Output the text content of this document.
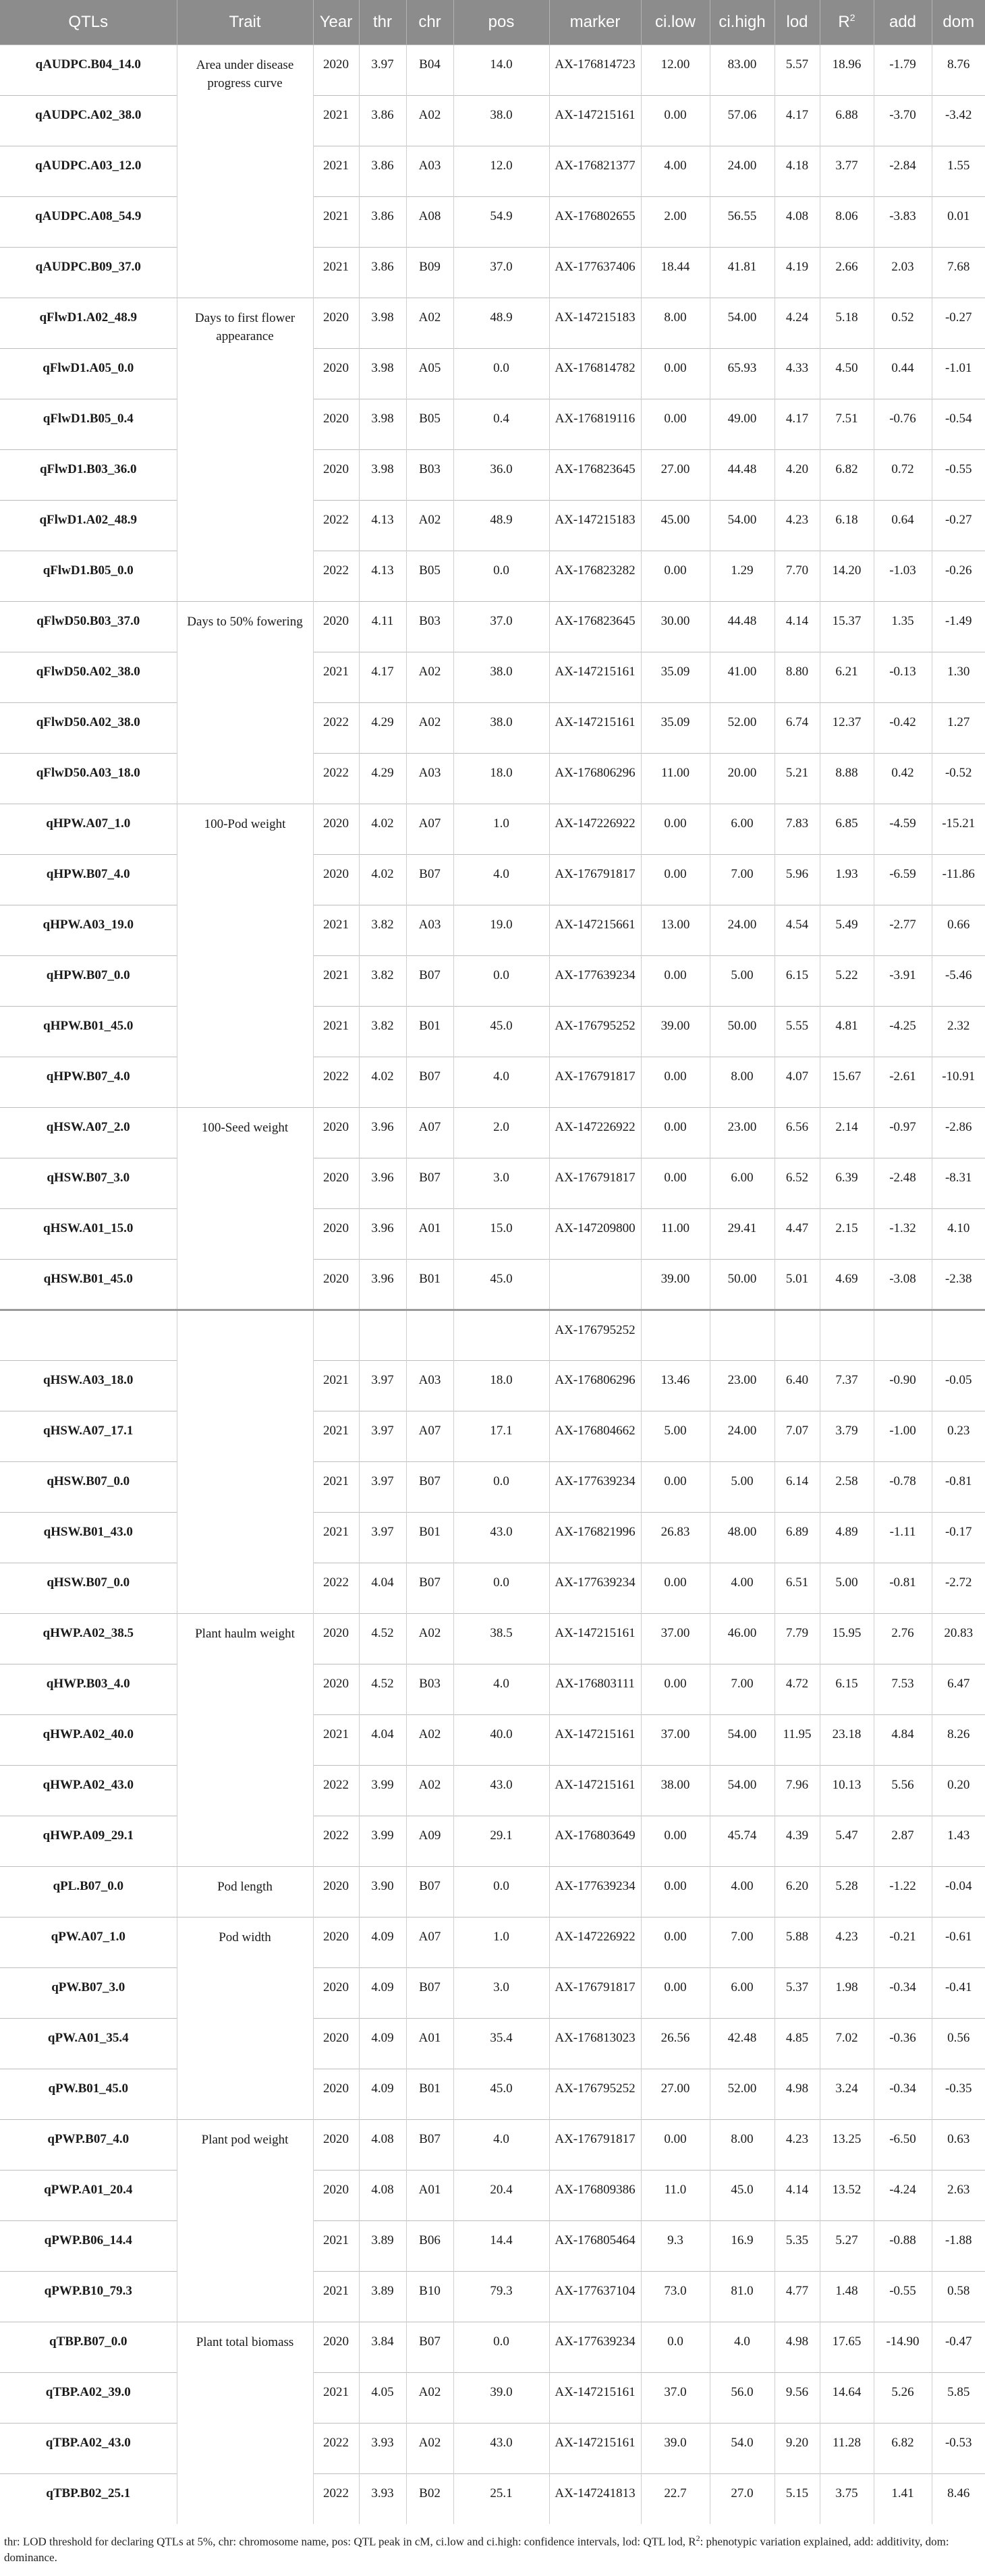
QTLs	Trait	Year	thr	chr	pos	marker	ci.low	ci.high	lod	$R^2$	add	dom
qAUDPC.B04_14.0	Area under disease progress curve	2020	3.97	B04	14.0	AX-176814723	12.00	83.00	5.57	18.96	-1.79	8.76
qAUDPC.A02_38.0		2021	3.86	A02	38.0	AX-147215161	0.00	57.06	4.17	6.88	-3.70	-3.42
qAUDPC.A03_12.0		2021	3.86	A03	12.0	AX-176821377	4.00	24.00	4.18	3.77	-2.84	1.55
qAUDPC.A08_54.9		2021	3.86	A08	54.9	AX-176802655	2.00	56.55	4.08	8.06	-3.83	0.01
qAUDPC.B09_37.0		2021	3.86	B09	37.0	AX-177637406	18.44	41.81	4.19	2.66	2.03	7.68
qFlwD1.A02_48.9	Days to first flower appearance	2020	3.98	A02	48.9	AX-147215183	8.00	54.00	4.24	5.18	0.52	-0.27
qFlwD1.A05_0.0		2020	3.98	A05	0.0	AX-176814782	0.00	65.93	4.33	4.50	0.44	-1.01
qFlwD1.B05_0.4		2020	3.98	B05	0.4	AX-176819116	0.00	49.00	4.17	7.51	-0.76	-0.54
qFlwD1.B03_36.0		2020	3.98	B03	36.0	AX-176823645	27.00	44.48	4.20	6.82	0.72	-0.55
qFlwD1.A02_48.9		2022	4.13	A02	48.9	AX-147215183	45.00	54.00	4.23	6.18	0.64	-0.27
qFlwD1.B05_0.0		2022	4.13	B05	0.0	AX-176823282	0.00	1.29	7.70	14.20	-1.03	-0.26
qFlwD50.B03_37.0	Days to 50% fowering	2020	4.11	B03	37.0	AX-176823645	30.00	44.48	4.14	15.37	1.35	-1.49
qFlwD50.A02_38.0		2021	4.17	A02	38.0	AX-147215161	35.09	41.00	8.80	6.21	-0.13	1.30
qFlwD50.A02_38.0		2022	4.29	A02	38.0	AX-147215161	35.09	52.00	6.74	12.37	-0.42	1.27
qFlwD50.A03_18.0		2022	4.29	A03	18.0	AX-176806296	11.00	20.00	5.21	8.88	0.42	-0.52
qHPW.A07_1.0	100-Pod weight	2020	4.02	A07	1.0	AX-147226922	0.00	6.00	7.83	6.85	-4.59	-15.21
qHPW.B07_4.0		2020	4.02	B07	4.0	AX-176791817	0.00	7.00	5.96	1.93	-6.59	-11.86
qHPW.A03_19.0		2021	3.82	A03	19.0	AX-147215661	13.00	24.00	4.54	5.49	-2.77	0.66
qHPW.B07_0.0		2021	3.82	B07	0.0	AX-177639234	0.00	5.00	6.15	5.22	-3.91	-5.46
qHPW.B01_45.0		2021	3.82	B01	45.0	AX-176795252	39.00	50.00	5.55	4.81	-4.25	2.32
qHPW.B07_4.0		2022	4.02	B07	4.0	AX-176791817	0.00	8.00	4.07	15.67	-2.61	-10.91
qHSW.A07_2.0	100-Seed weight	2020	3.96	A07	2.0	AX-147226922	0.00	23.00	6.56	2.14	-0.97	-2.86
qHSW.B07_3.0		2020	3.96	B07	3.0	AX-176791817	0.00	6.00	6.52	6.39	-2.48	-8.31
qHSW.A01_15.0		2020	3.96	A01	15.0	AX-147209800	11.00	29.41	4.47	2.15	-1.32	4.10
qHSW.B01_45.0		2020	3.96	B01	45.0		39.00	50.00	5.01	4.69	-3.08	-2.38
						AX-176795252						
qHSW.A03_18.0		2021	3.97	A03	18.0	AX-176806296	13.46	23.00	6.40	7.37	-0.90	-0.05
qHSW.A07_17.1		2021	3.97	A07	17.1	AX-176804662	5.00	24.00	7.07	3.79	-1.00	0.23
qHSW.B07_0.0		2021	3.97	B07	0.0	AX-177639234	0.00	5.00	6.14	2.58	-0.78	-0.81
qHSW.B01_43.0		2021	3.97	B01	43.0	AX-176821996	26.83	48.00	6.89	4.89	-1.11	-0.17
qHSW.B07_0.0		2022	4.04	B07	0.0	AX-177639234	0.00	4.00	6.51	5.00	-0.81	-2.72
qHWP.A02_38.5	Plant haulm weight	2020	4.52	A02	38.5	AX-147215161	37.00	46.00	7.79	15.95	2.76	20.83
qHWP.B03_4.0		2020	4.52	B03	4.0	AX-176803111	0.00	7.00	4.72	6.15	7.53	6.47
qHWP.A02_40.0		2021	4.04	A02	40.0	AX-147215161	37.00	54.00	11.95	23.18	4.84	8.26
qHWP.A02_43.0		2022	3.99	A02	43.0	AX-147215161	38.00	54.00	7.96	10.13	5.56	0.20
qHWP.A09_29.1		2022	3.99	A09	29.1	AX-176803649	0.00	45.74	4.39	5.47	2.87	1.43
qPL.B07_0.0	Pod length	2020	3.90	B07	0.0	AX-177639234	0.00	4.00	6.20	5.28	-1.22	-0.04
qPW.A07_1.0	Pod width	2020	4.09	A07	1.0	AX-147226922	0.00	7.00	5.88	4.23	-0.21	-0.61
qPW.B07_3.0		2020	4.09	B07	3.0	AX-176791817	0.00	6.00	5.37	1.98	-0.34	-0.41
qPW.A01_35.4		2020	4.09	A01	35.4	AX-176813023	26.56	42.48	4.85	7.02	-0.36	0.56
qPW.B01_45.0		2020	4.09	B01	45.0	AX-176795252	27.00	52.00	4.98	3.24	-0.34	-0.35
qPWP.B07_4.0	Plant pod weight	2020	4.08	B07	4.0	AX-176791817	0.00	8.00	4.23	13.25	-6.50	0.63
qPWP.A01_20.4		2020	4.08	A01	20.4	AX-176809386	11.0	45.0	4.14	13.52	-4.24	2.63
qPWP.B06_14.4		2021	3.89	B06	14.4	AX-176805464	9.3	16.9	5.35	5.27	-0.88	-1.88
qPWP.B10_79.3		2021	3.89	B10	79.3	AX-177637104	73.0	81.0	4.77	1.48	-0.55	0.58
qTBP.B07_0.0	Plant total biomass	2020	3.84	B07	0.0	AX-177639234	0.0	4.0	4.98	17.65	-14.90	-0.47
qTBP.A02_39.0		2021	4.05	A02	39.0	AX-147215161	37.0	56.0	9.56	14.64	5.26	5.85
qTBP.A02_43.0		2022	3.93	A02	43.0	AX-147215161	39.0	54.0	9.20	11.28	6.82	-0.53
qTBP.B02_25.1		2022	3.93	B02	25.1	AX-147241813	22.7	27.0	5.15	3.75	1.41	8.46
thr: LOD threshold for declaring QTLs at 5%, chr: chromosome name, pos: QTL peak in cM, ci.low and ci.high: confidence intervals, lod: QTL lod, $R^2$: phenotypic variation explained, add: additivity, dom: dominance.
